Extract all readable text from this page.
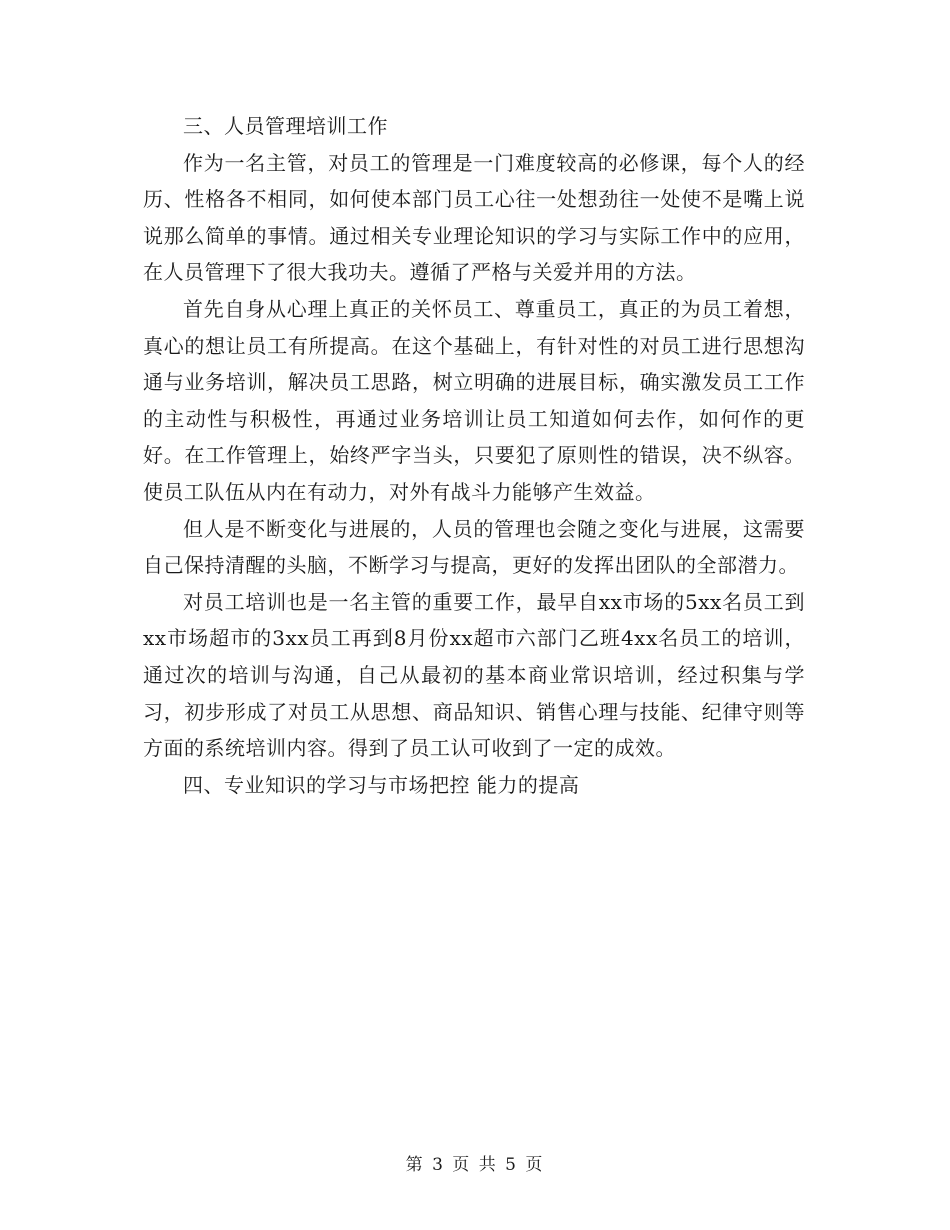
三、人员管理培训工作

作为一名主管，对员工的管理是一门难度较高的必修课，每个人的经历、性格各不相同，如何使本部门员工心往一处想劲往一处使不是嘴上说说那么简单的事情。通过相关专业理论知识的学习与实际工作中的应用，在人员管理下了很大我功夫。遵循了严格与关爱并用的方法。

首先自身从心理上真正的关怀员工、尊重员工，真正的为员工着想，真心的想让员工有所提高。在这个基础上，有针对性的对员工进行思想沟通与业务培训，解决员工思路，树立明确的进展目标，确实激发员工工作的主动性与积极性，再通过业务培训让员工知道如何去作，如何作的更好。在工作管理上，始终严字当头，只要犯了原则性的错误，决不纵容。使员工队伍从内在有动力，对外有战斗力能够产生效益。

但人是不断变化与进展的，人员的管理也会随之变化与进展，这需要自己保持清醒的头脑，不断学习与提高，更好的发挥出团队的全部潜力。

对员工培训也是一名主管的重要工作，最早自xx市场的5xx名员工到xx市场超市的3xx员工再到8月份xx超市六部门乙班4xx名员工的培训，通过次的培训与沟通，自己从最初的基本商业常识培训，经过积集与学习，初步形成了对员工从思想、商品知识、销售心理与技能、纪律守则等方面的系统培训内容。得到了员工认可收到了一定的成效。

四、专业知识的学习与市场把控 能力的提高

第 3 页 共 5 页
